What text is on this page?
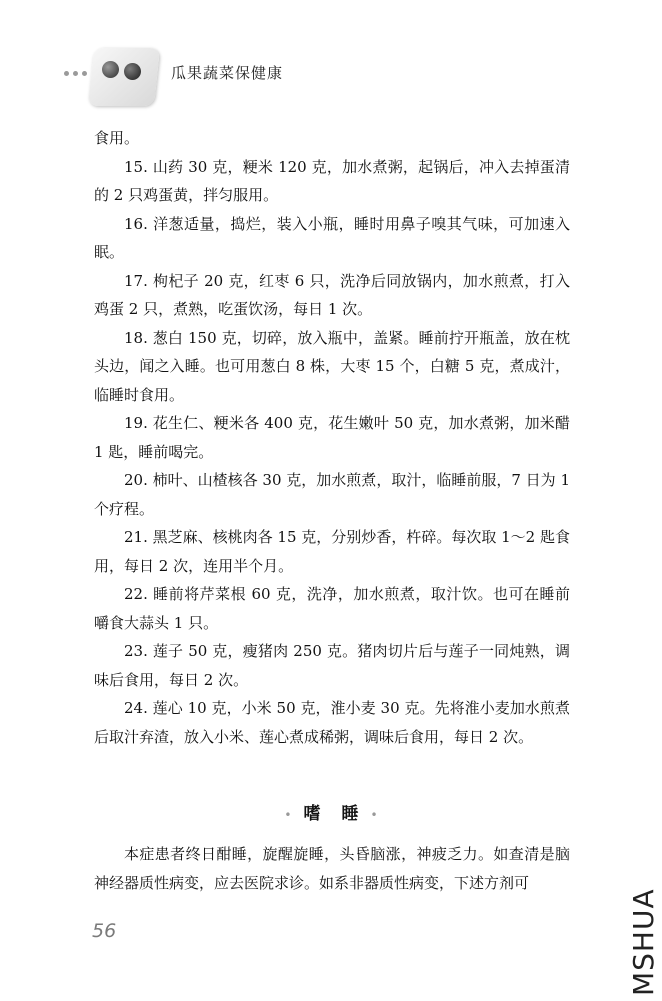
瓜果蔬菜保健康

食用。

15. 山药 30 克，粳米 120 克，加水煮粥，起锅后，冲入去掉蛋清的 2 只鸡蛋黄，拌匀服用。

16. 洋葱适量，捣烂，装入小瓶，睡时用鼻子嗅其气味，可加速入眠。

17. 枸杞子 20 克，红枣 6 只，洗净后同放锅内，加水煎煮，打入鸡蛋 2 只，煮熟，吃蛋饮汤，每日 1 次。

18. 葱白 150 克，切碎，放入瓶中，盖紧。睡前拧开瓶盖，放在枕头边，闻之入睡。也可用葱白 8 株，大枣 15 个，白糖 5 克，煮成汁，临睡时食用。

19. 花生仁、粳米各 400 克，花生嫩叶 50 克，加水煮粥，加米醋 1 匙，睡前喝完。

20. 柿叶、山楂核各 30 克，加水煎煮，取汁，临睡前服，7 日为 1 个疗程。

21. 黑芝麻、核桃肉各 15 克，分别炒香，杵碎。每次取 1～2 匙食用，每日 2 次，连用半个月。

22. 睡前将芹菜根 60 克，洗净，加水煎煮，取汁饮。也可在睡前嚼食大蒜头 1 只。

23. 莲子 50 克，瘦猪肉 250 克。猪肉切片后与莲子一同炖熟，调味后食用，每日 2 次。

24. 莲心 10 克，小米 50 克，淮小麦 30 克。先将淮小麦加水煎煮后取汁弃渣，放入小米、莲心煮成稀粥，调味后食用，每日 2 次。

• 嗜　睡 •

本症患者终日酣睡，旋醒旋睡，头昏脑涨，神疲乏力。如查清是脑神经器质性病变，应去医院求诊。如系非器质性病变，下述方剂可

56	MSHUA
